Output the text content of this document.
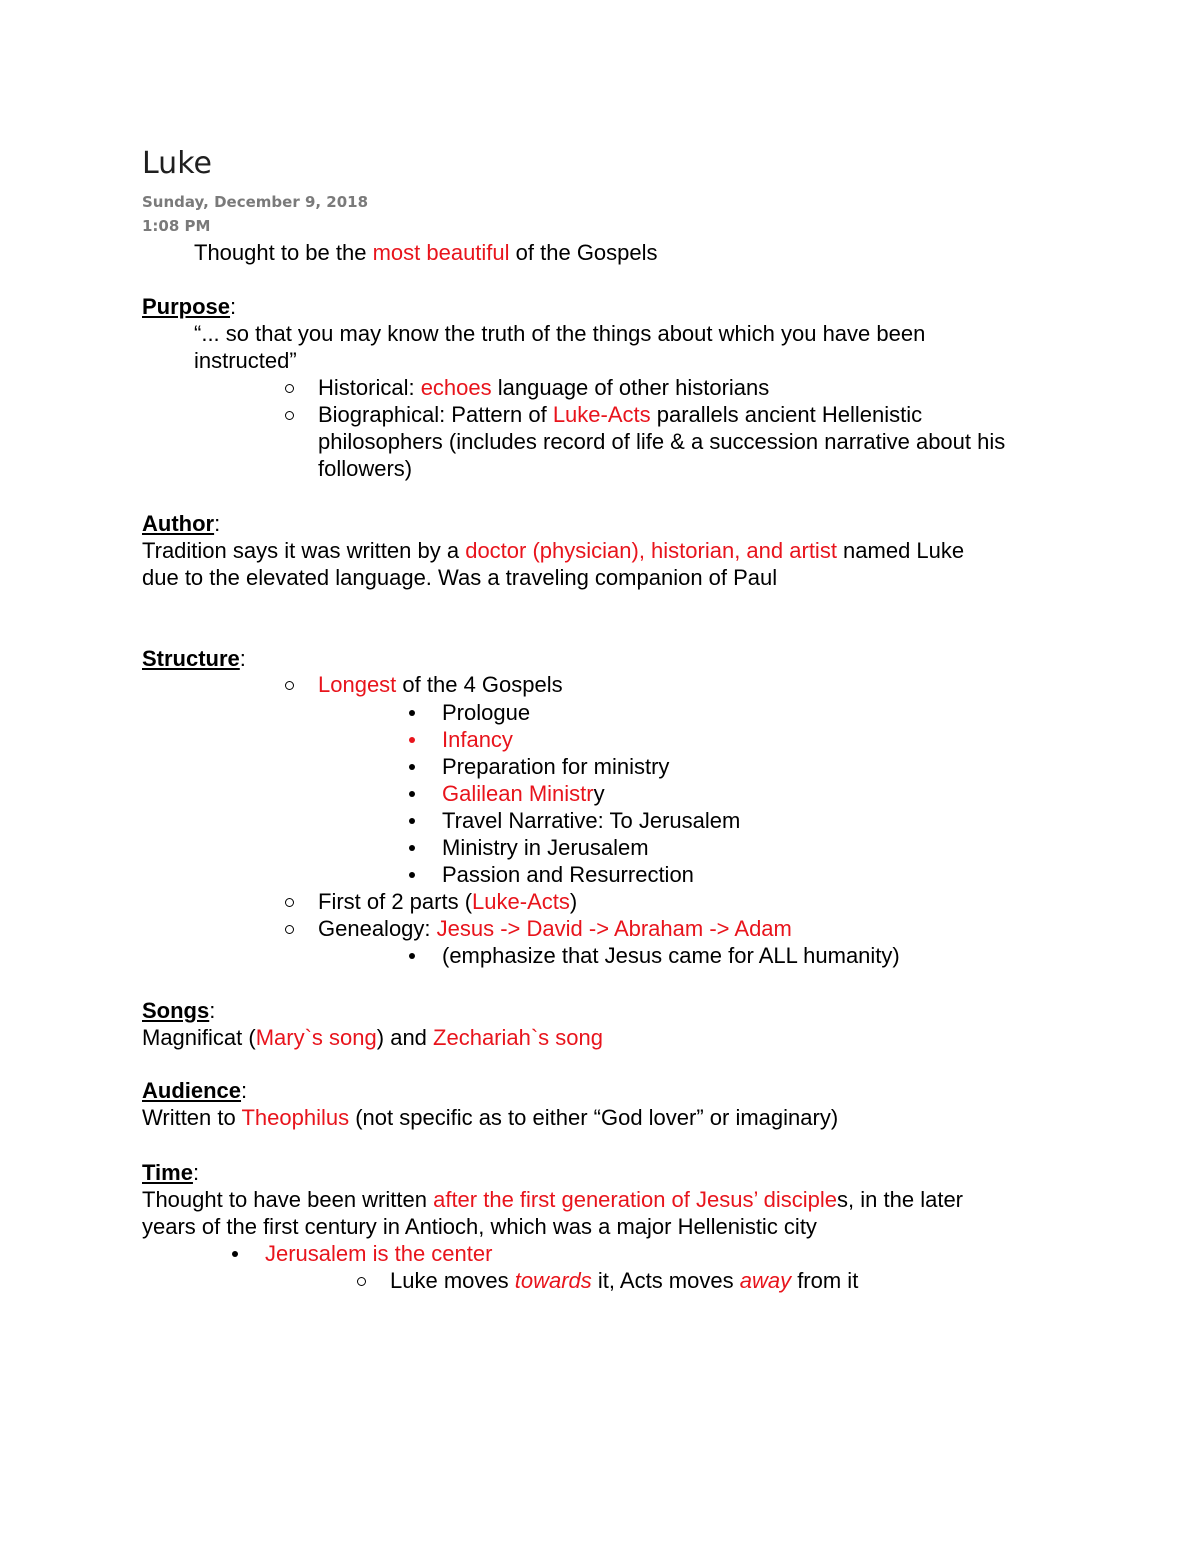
Luke
Sunday, December 9, 2018
1:08 PM
Thought to be the most beautiful of the Gospels
Purpose:
“... so that you may know the truth of the things about which you have been
instructed”
Historical: echoes language of other historians
Biographical: Pattern of Luke-Acts parallels ancient Hellenistic
philosophers (includes record of life & a succession narrative about his
followers)
Author:
Tradition says it was written by a doctor (physician), historian, and artist named Luke
due to the elevated language. Was a traveling companion of Paul
Structure:
Longest of the 4 Gospels
Prologue
Infancy
Preparation for ministry
Galilean Ministry
Travel Narrative: To Jerusalem
Ministry in Jerusalem
Passion and Resurrection
First of 2 parts (Luke-Acts)
Genealogy: Jesus -> David -> Abraham -> Adam
(emphasize that Jesus came for ALL humanity)
Songs:
Magnificat (Mary`s song) and Zechariah`s song
Audience:
Written to Theophilus (not specific as to either “God lover” or imaginary)
Time:
Thought to have been written after the first generation of Jesus’ disciples, in the later
years of the first century in Antioch, which was a major Hellenistic city
Jerusalem is the center
Luke moves towards it, Acts moves away from it
